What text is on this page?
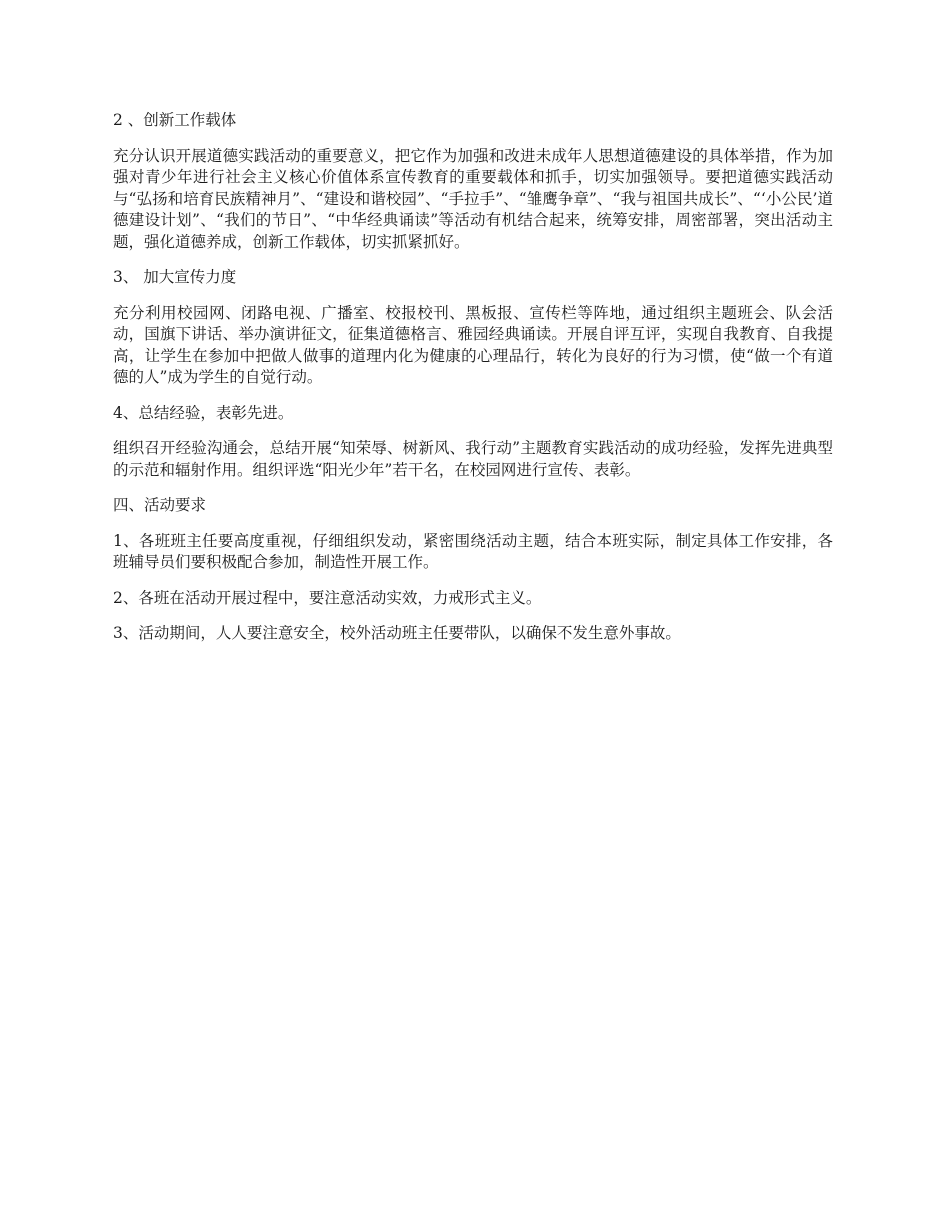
2 、创新工作载体

充分认识开展道德实践活动的重要意义，把它作为加强和改进未成年人思想道德建设的具体举措，作为加强对青少年进行社会主义核心价值体系宣传教育的重要载体和抓手，切实加强领导。要把道德实践活动与“弘扬和培育民族精神月”、“建设和谐校园”、“手拉手”、“雏鹰争章”、“我与祖国共成长”、“‘小公民’道德建设计划”、“我们的节日”、“中华经典诵读”等活动有机结合起来，统筹安排，周密部署，突出活动主题，强化道德养成，创新工作载体，切实抓紧抓好。

3、 加大宣传力度

充分利用校园网、闭路电视、广播室、校报校刊、黑板报、宣传栏等阵地，通过组织主题班会、队会活动，国旗下讲话、举办演讲征文，征集道德格言、雅园经典诵读。开展自评互评，实现自我教育、自我提高，让学生在参加中把做人做事的道理内化为健康的心理品行，转化为良好的行为习惯，使“做一个有道德的人”成为学生的自觉行动。

4、总结经验，表彰先进。

组织召开经验沟通会，总结开展“知荣辱、树新风、我行动”主题教育实践活动的成功经验，发挥先进典型的示范和辐射作用。组织评选“阳光少年”若干名，在校园网进行宣传、表彰。

四、活动要求

1、各班班主任要高度重视，仔细组织发动，紧密围绕活动主题，结合本班实际，制定具体工作安排，各班辅导员们要积极配合参加，制造性开展工作。

2、各班在活动开展过程中，要注意活动实效，力戒形式主义。

3、活动期间，人人要注意安全，校外活动班主任要带队，以确保不发生意外事故。
